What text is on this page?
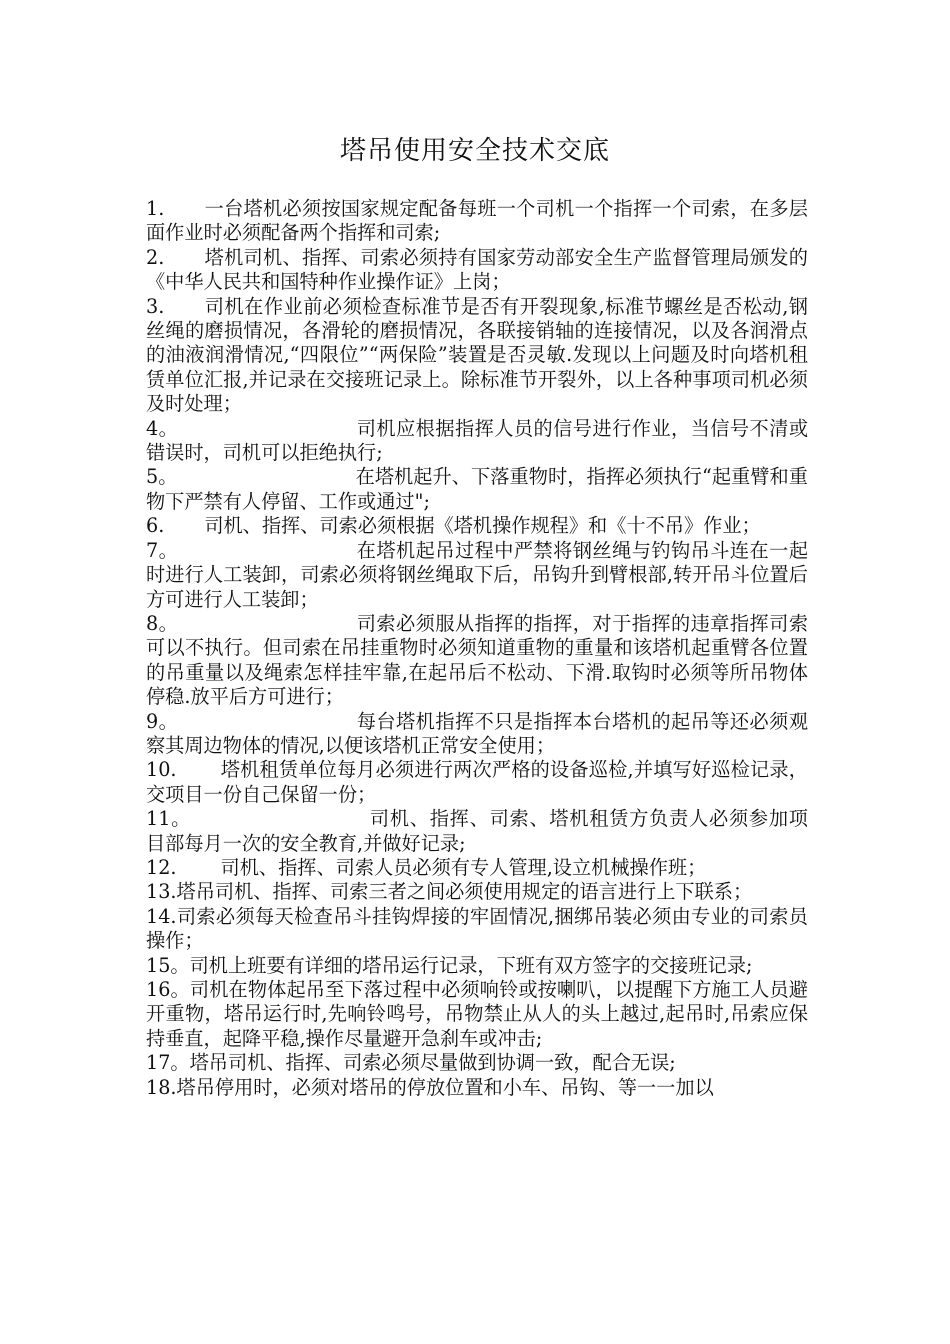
塔吊使用安全技术交底
1. 一台塔机必须按国家规定配备每班一个司机一个指挥一个司索，在多层面作业时必须配备两个指挥和司索;
2. 塔机司机、指挥、司索必须持有国家劳动部安全生产监督管理局颁发的《中华人民共和国特种作业操作证》上岗；
3. 司机在作业前必须检查标准节是否有开裂现象,标准节螺丝是否松动,钢丝绳的磨损情况，各滑轮的磨损情况，各联接销轴的连接情况，以及各润滑点的油液润滑情况,“四限位”“两保险”装置是否灵敏.发现以上问题及时向塔机租赁单位汇报,并记录在交接班记录上。除标准节开裂外，以上各种事项司机必须及时处理；
4。	司机应根据指挥人员的信号进行作业，当信号不清或错误时，司机可以拒绝执行;
5。	在塔机起升、下落重物时，指挥必须执行“起重臂和重物下严禁有人停留、工作或通过";
6. 司机、指挥、司索必须根据《塔机操作规程》和《十不吊》作业；
7。	在塔机起吊过程中严禁将钢丝绳与钓钩吊斗连在一起时进行人工装卸，司索必须将钢丝绳取下后，吊钩升到臂根部,转开吊斗位置后方可进行人工装卸；
8。	司索必须服从指挥的指挥，对于指挥的违章指挥司索可以不执行。但司索在吊挂重物时必须知道重物的重量和该塔机起重臂各位置的吊重量以及绳索怎样挂牢靠,在起吊后不松动、下滑.取钩时必须等所吊物体停稳.放平后方可进行；
9。	每台塔机指挥不只是指挥本台塔机的起吊等还必须观察其周边物体的情况,以便该塔机正常安全使用；
10. 塔机租赁单位每月必须进行两次严格的设备巡检,并填写好巡检记录，交项目一份自己保留一份；
11。	司机、指挥、司索、塔机租赁方负责人必须参加项目部每月一次的安全教育,并做好记录;
12. 司机、指挥、司索人员必须有专人管理,设立机械操作班；
13.塔吊司机、指挥、司索三者之间必须使用规定的语言进行上下联系；
14.司索必须每天检查吊斗挂钩焊接的牢固情况,捆绑吊装必须由专业的司索员操作；
15。司机上班要有详细的塔吊运行记录，下班有双方签字的交接班记录;
16。司机在物体起吊至下落过程中必须响铃或按喇叭，以提醒下方施工人员避开重物，塔吊运行时,先响铃鸣号，吊物禁止从人的头上越过,起吊时,吊索应保持垂直，起降平稳,操作尽量避开急刹车或冲击;
17。塔吊司机、指挥、司索必须尽量做到协调一致，配合无误;
18.塔吊停用时，必须对塔吊的停放位置和小车、吊钩、等一一加以
